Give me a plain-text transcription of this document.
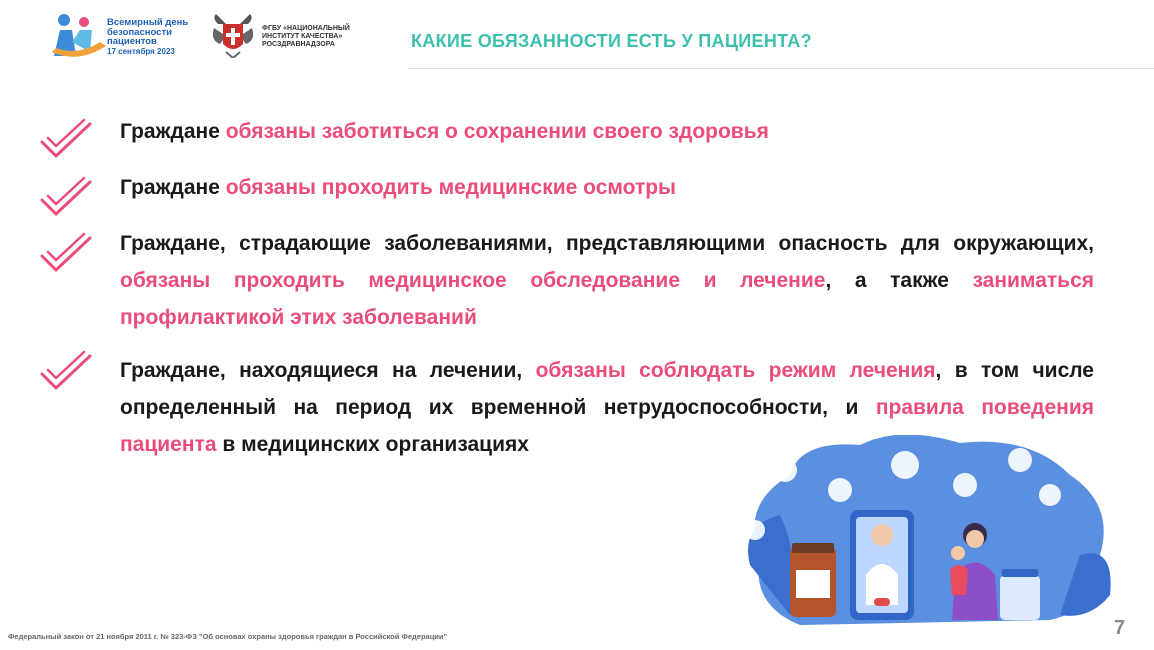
Всемирный день
безопасности
пациентов
17 сентября 2023
ФГБУ «НАЦИОНАЛЬНЫЙ
ИНСТИТУТ КАЧЕСТВА»
РОСЗДРАВНАДЗОРА	КАКИЕ ОБЯЗАННОСТИ ЕСТЬ У ПАЦИЕНТА?
Граждане обязаны заботиться о сохранении своего здоровья
Граждане обязаны проходить медицинские осмотры
Граждане, страдающие заболеваниями, представляющими опасность для окружающих, обязаны проходить медицинское обследование и лечение, а также заниматься профилактикой этих заболеваний
Граждане, находящиеся на лечении, обязаны соблюдать режим лечения, в том числе определенный на период их временной нетрудоспособности, и правила поведения пациента в медицинских организациях
7
Федеральный закон от 21 ноября 2011 г. № 323-ФЗ "Об основах охраны здоровья граждан в Российской Федерации"
